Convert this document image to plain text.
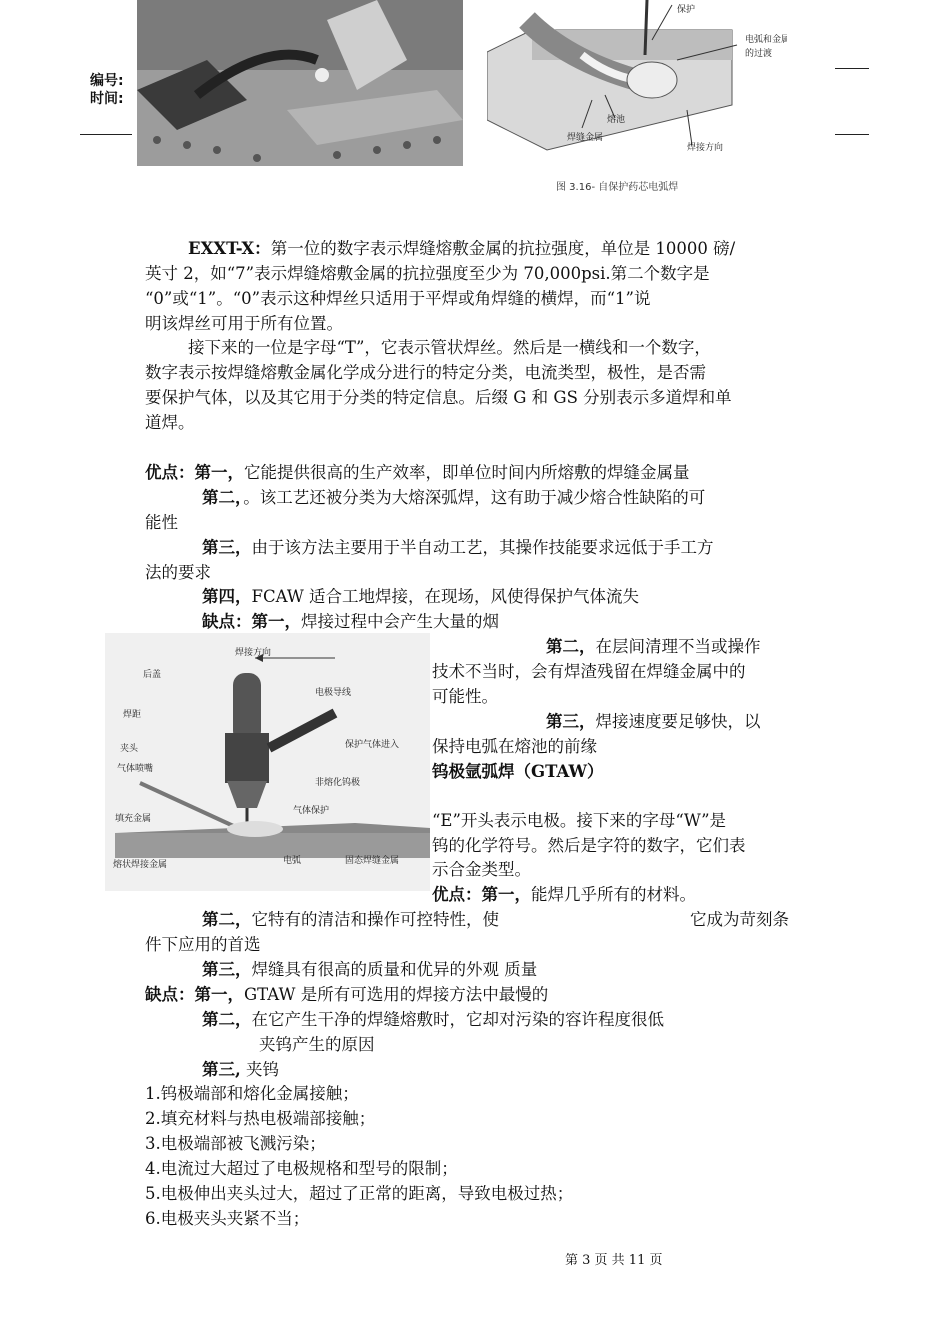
编号:
时间:
保护
电弧和金属
的过渡
熔池
焊缝金属
焊接方向
图 3.16- 自保护药芯电弧焊
EXXT-X：第一位的数字表示焊缝熔敷金属的抗拉强度，单位是 10000 磅/
英寸 2，如“7”表示焊缝熔敷金属的抗拉强度至少为 70,000psi.第二个数字是
“0”或“1”。“0”表示这种焊丝只适用于平焊或角焊缝的横焊，而“1”说
明该焊丝可用于所有位置。
接下来的一位是字母“T”，它表示管状焊丝。然后是一横线和一个数字，
数字表示按焊缝熔敷金属化学成分进行的特定分类，电流类型，极性，是否需
要保护气体，以及其它用于分类的特定信息。后缀 G 和 GS 分别表示多道焊和单
道焊。
优点：第一，它能提供很高的生产效率，即单位时间内所熔敷的焊缝金属量
第二，。该工艺还被分类为大熔深弧焊，这有助于减少熔合性缺陷的可
能性
第三，由于该方法主要用于半自动工艺，其操作技能要求远低于手工方
法的要求
第四，FCAW 适合工地焊接，在现场，风使得保护气体流失
缺点：第一，焊接过程中会产生大量的烟
焊接方向
后盖
电极导线
焊距
保护气体进入
夹头
气体喷嘴
非熔化钨极
气体保护
填充金属
熔状焊接金属	电弧	固态焊缝金属
第二，在层间清理不当或操作
技术不当时，会有焊渣残留在焊缝金属中的
可能性。
第三，焊接速度要足够快，以
保持电弧在熔池的前缘
钨极氩弧焊（GTAW）
“E”开头表示电极。接下来的字母“W”是
钨的化学符号。然后是字符的数字，它们表
示合金类型。
优点：第一，能焊几乎所有的材料。
第二，它特有的清洁和操作可控特性，使	它成为苛刻条
件下应用的首选
第三，焊缝具有很高的质量和优异的外观 质量
缺点：第一，GTAW 是所有可选用的焊接方法中最慢的
第二，在它产生干净的焊缝熔敷时，它却对污染的容许程度很低
夹钨产生的原因
第三, 夹钨
1.钨极端部和熔化金属接触；
2.填充材料与热电极端部接触；
3.电极端部被飞溅污染；
4.电流过大超过了电极规格和型号的限制；
5.电极伸出夹头过大，超过了正常的距离，导致电极过热；
6.电极夹头夹紧不当；
第 3 页 共 11 页
